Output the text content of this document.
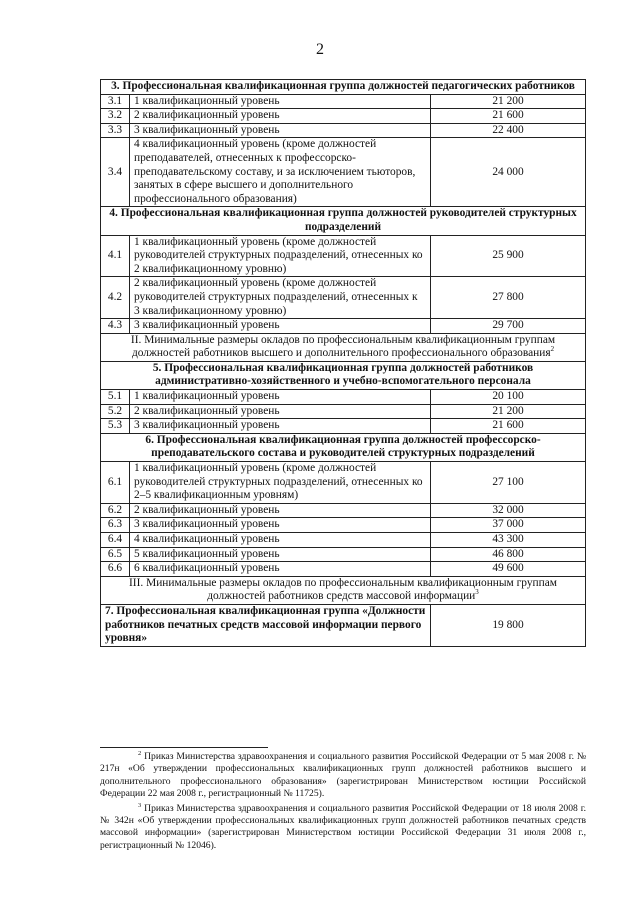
2
3. Профессиональная квалификационная группа должностей педагогических работников		
3.1	1 квалификационный уровень	21 200
3.2	2 квалификационный уровень	21 600
3.3	3 квалификационный уровень	22 400
3.4	4 квалификационный уровень (кроме должностей преподавателей, отнесенных к профессорско-преподавательскому составу, и за исключением тьюторов, занятых в сфере высшего и дополнительного профессионального образования)	24 000
4. Профессиональная квалификационная группа должностей руководителей структурных подразделений		
4.1	1 квалификационный уровень (кроме должностей руководителей структурных подразделений, отнесенных ко 2 квалификационному уровню)	25 900
4.2	2 квалификационный уровень (кроме должностей руководителей структурных подразделений, отнесенных к 3 квалификационному уровню)	27 800
4.3	3 квалификационный уровень	29 700
II. Минимальные размеры окладов по профессиональным квалификационным группам должностей работников высшего и дополнительного профессионального образования$^2$
5. Профессиональная квалификационная группа должностей работников административно-хозяйственного и учебно-вспомогательного персонала		
5.1	1 квалификационный уровень	20 100
5.2	2 квалификационный уровень	21 200
5.3	3 квалификационный уровень	21 600
6. Профессиональная квалификационная группа должностей профессорско-преподавательского состава и руководителей структурных подразделений		
6.1	1 квалификационный уровень (кроме должностей руководителей структурных подразделений, отнесенных ко 2–5 квалификационным уровням)	27 100
6.2	2 квалификационный уровень	32 000
6.3	3 квалификационный уровень	37 000
6.4	4 квалификационный уровень	43 300
6.5	5 квалификационный уровень	46 800
6.6	6 квалификационный уровень	49 600
III. Минимальные размеры окладов по профессиональным квалификационным группам должностей работников средств массовой информации$^3$
7. Профессиональная квалификационная группа «Должности работников печатных средств массовой информации первого уровня»		19 800

$^2$ Приказ Министерства здравоохранения и социального развития Российской Федерации от 5 мая 2008 г. № 217н «Об утверждении профессиональных квалификационных групп должностей работников высшего и дополнительного профессионального образования» (зарегистрирован Министерством юстиции Российской Федерации 22 мая 2008 г., регистрационный № 11725).

$^3$ Приказ Министерства здравоохранения и социального развития Российской Федерации от 18 июля 2008 г. № 342н «Об утверждении профессиональных квалификационных групп должностей работников печатных средств массовой информации» (зарегистрирован Министерством юстиции Российской Федерации 31 июля 2008 г., регистрационный № 12046).
